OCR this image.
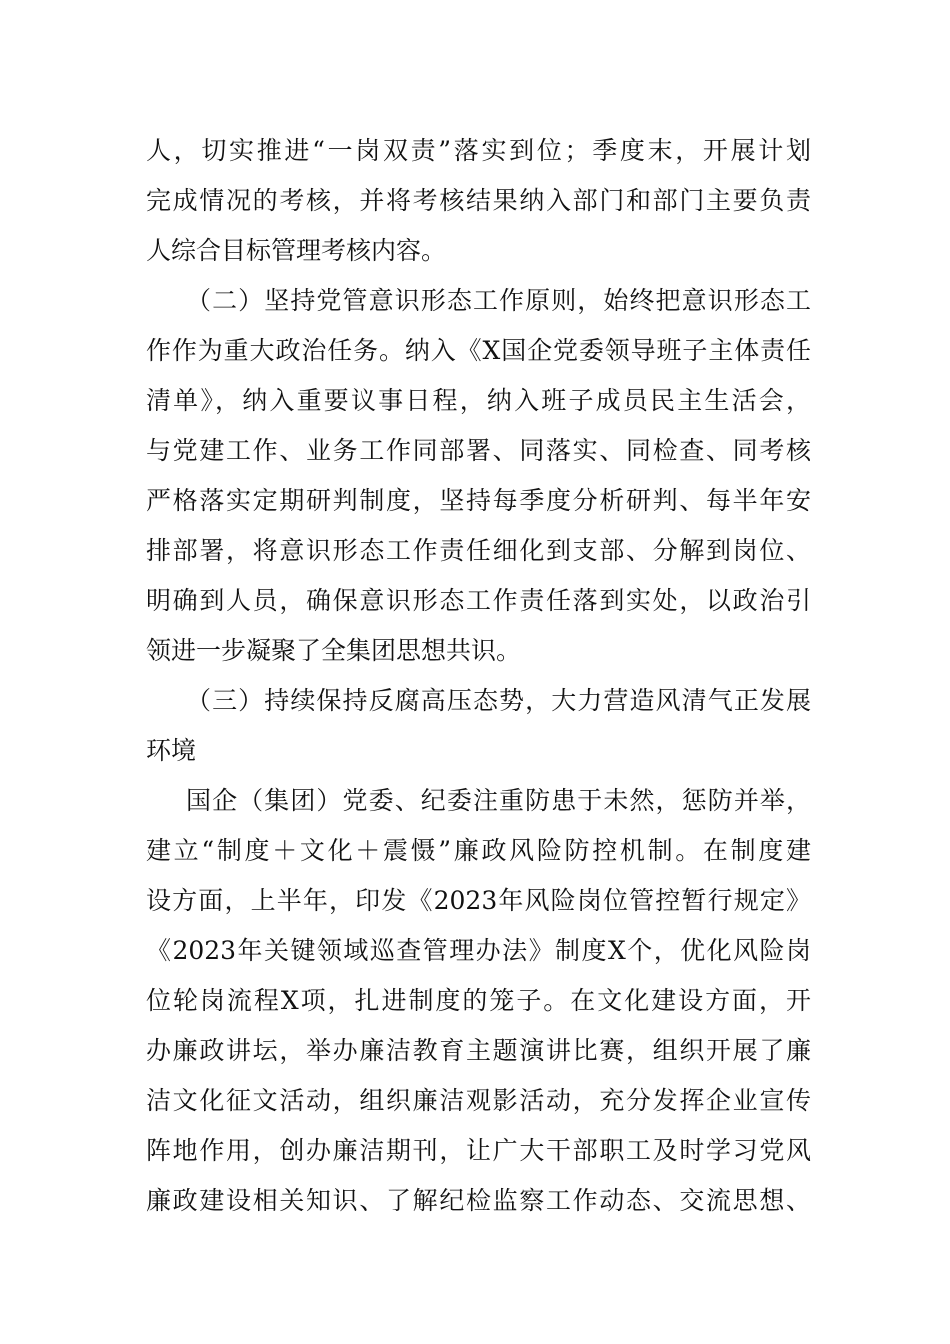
人，切实推进“一岗双责”落实到位；季度末，开展计划
完成情况的考核，并将考核结果纳入部门和部门主要负责
人综合目标管理考核内容。
（二）坚持党管意识形态工作原则，始终把意识形态工
作作为重大政治任务。纳入《X国企党委领导班子主体责任
清单》，纳入重要议事日程，纳入班子成员民主生活会，
与党建工作、业务工作同部署、同落实、同检查、同考核
严格落实定期研判制度，坚持每季度分析研判、每半年安
排部署，将意识形态工作责任细化到支部、分解到岗位、
明确到人员，确保意识形态工作责任落到实处，以政治引
领进一步凝聚了全集团思想共识。
（三）持续保持反腐高压态势，大力营造风清气正发展
环境
国企（集团）党委、纪委注重防患于未然，惩防并举，
建立“制度＋文化＋震慑”廉政风险防控机制。在制度建
设方面，上半年，印发《2023年风险岗位管控暂行规定》
《2023年关键领域巡查管理办法》制度X个，优化风险岗
位轮岗流程X项，扎进制度的笼子。在文化建设方面，开
办廉政讲坛，举办廉洁教育主题演讲比赛，组织开展了廉
洁文化征文活动，组织廉洁观影活动，充分发挥企业宣传
阵地作用，创办廉洁期刊，让广大干部职工及时学习党风
廉政建设相关知识、了解纪检监察工作动态、交流思想、
